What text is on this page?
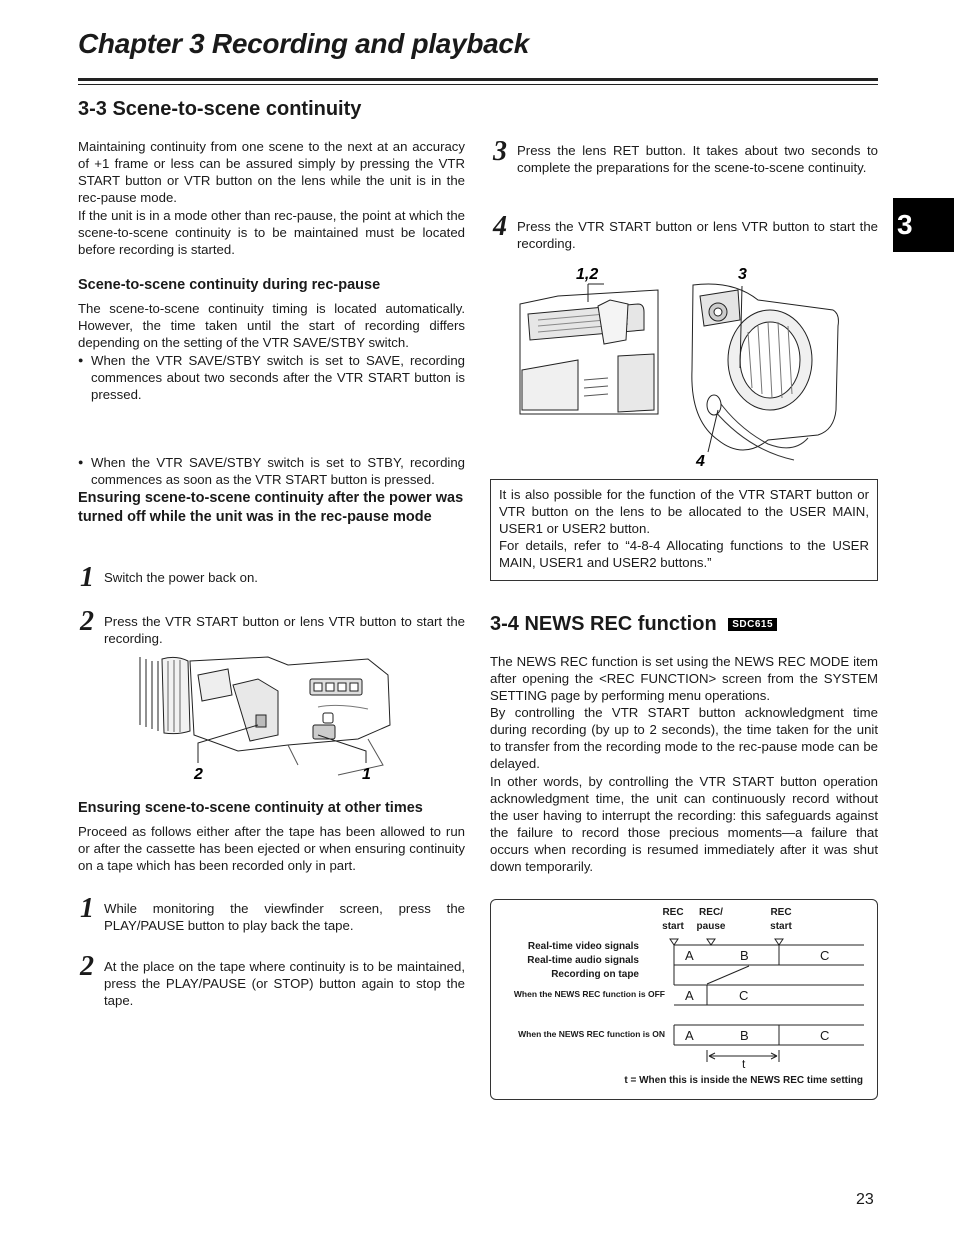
Chapter 3 Recording and playback
3
3-3 Scene-to-scene continuity
Maintaining continuity from one scene to the next at an accuracy of +1 frame or less can be assured simply by pressing the VTR START button or VTR button on the lens while the unit is in the rec-pause mode.
If the unit is in a mode other than rec-pause, the point at which the scene-to-scene continuity is to be maintained must be located before recording is started.
Scene-to-scene continuity during rec-pause
The scene-to-scene continuity timing is located automatically. However, the time taken until the start of recording differs depending on the setting of the VTR SAVE/STBY switch.
● When the VTR SAVE/STBY switch is set to SAVE, recording commences about two seconds after the VTR START button is pressed.
● When the VTR SAVE/STBY switch is set to STBY, recording commences as soon as the VTR START button is pressed.
Ensuring scene-to-scene continuity after the power was turned off while the unit was in the rec-pause mode
1 Switch the power back on.
2 Press the VTR START button or lens VTR button to start the recording.
2	1
Ensuring scene-to-scene continuity at other times
Proceed as follows either after the tape has been allowed to run or after the cassette has been ejected or when ensuring continuity on a tape which has been recorded only in part.
1 While monitoring the viewfinder screen, press the PLAY/PAUSE button to play back the tape.
2 At the place on the tape where continuity is to be maintained, press the PLAY/PAUSE (or STOP) button again to stop the tape.
3 Press the lens RET button. It takes about two seconds to complete the preparations for the scene-to-scene continuity.
4 Press the VTR START button or lens VTR button to start the recording.
1,2	3
4
It is also possible for the function of the VTR START button or VTR button on the lens to be allocated to the USER MAIN, USER1 or USER2 button.
For details, refer to “4-8-4 Allocating functions to the USER MAIN, USER1 and USER2 buttons.”
3-4 NEWS REC function SDC615
The NEWS REC function is set using the NEWS REC MODE item after opening the <REC FUNCTION> screen from the SYSTEM SETTING page by performing menu operations.
By controlling the VTR START button acknowledgment time during recording (by up to 2 seconds), the time taken for the unit to transfer from the recording mode to the rec-pause mode can be delayed.
In other words, by controlling the VTR START button operation acknowledgment time, the unit can continuously record without the user having to interrupt the recording: this safeguards against the failure to record those precious moments—a failure that occurs when recording is resumed immediately after it was shut down temporarily.
REC
start
REC/
pause
REC
start
Real-time video signals
Real-time audio signals
Recording on tape
When the NEWS REC function is OFF
When the NEWS REC function is ON
A	B	C
A	C
A	B	C
t
t = When this is inside the NEWS REC time setting
23
